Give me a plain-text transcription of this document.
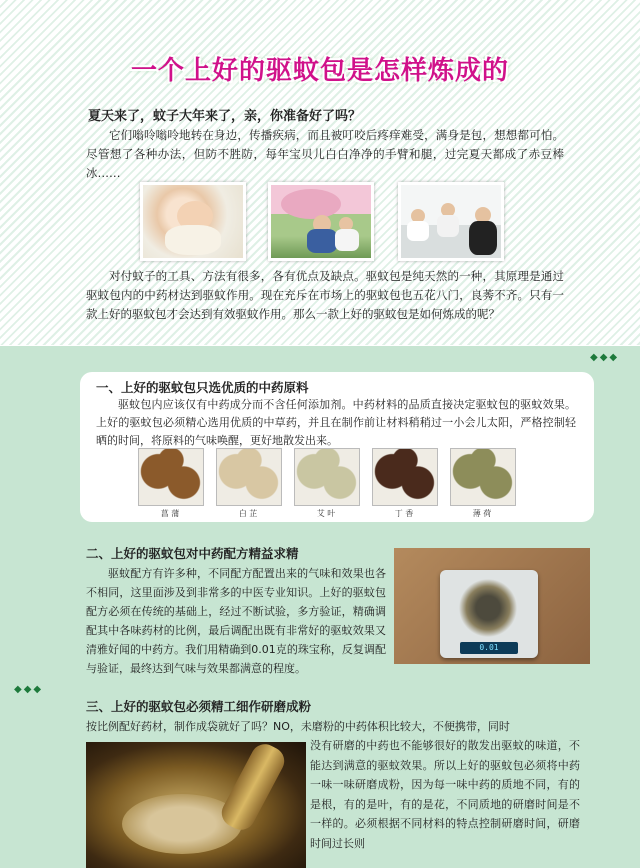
一个上好的驱蚊包是怎样炼成的
夏天来了，蚊子大年来了，亲，你准备好了吗？
它们嗡呤嗡呤地转在身边，传播疾病，而且被叮咬后疼痒难受，满身是包，想想都可怕。尽管想了各种办法，但防不胜防，每年宝贝儿白白净净的手臂和腿，过完夏天都成了赤豆棒冰……
对付蚊子的工具、方法有很多，各有优点及缺点。驱蚊包是纯天然的一种，其原理是通过驱蚊包内的中药材达到驱蚊作用。现在充斥在市场上的驱蚊包也五花八门，良莠不齐。只有一款上好的驱蚊包才会达到有效驱蚊作用。那么一款上好的驱蚊包是如何炼成的呢？
◆◆◆
一、上好的驱蚊包只选优质的中药原料
驱蚊包内应该仅有中药成分而不含任何添加剂。中药材料的品质直接决定驱蚊包的驱蚊效果。上好的驱蚊包必须精心选用优质的中草药，并且在制作前让材料稍稍过一小会儿太阳，严格控制轻晒的时间，将原料的气味唤醒，更好地散发出来。
菖 蒲	白 芷	艾 叶	丁 香	薄 荷
二、上好的驱蚊包对中药配方精益求精
驱蚊配方有许多种，不同配方配置出来的气味和效果也各不相同，这里面涉及到非常多的中医专业知识。上好的驱蚊包配方必须在传统的基础上，经过不断试验，多方验证，精确调配其中各味药材的比例，最后调配出既有非常好的驱蚊效果又清雅好闻的中药方。我们用精确到0.01克的珠宝称，反复调配与验证，最终达到气味与效果都满意的程度。
0.01
◆◆◆
三、上好的驱蚊包必须精工细作研磨成粉
按比例配好药材，制作成袋就好了吗？NO，未磨粉的中药体积比较大，不便携带，同时
没有研磨的中药也不能够很好的散发出驱蚊的味道，不能达到满意的驱蚊效果。所以上好的驱蚊包必须将中药一味一味研磨成粉，因为每一味中药的质地不同，有的是根，有的是叶，有的是花，不同质地的研磨时间是不一样的。必须根据不同材料的特点控制研磨时间，研磨时间过长则
